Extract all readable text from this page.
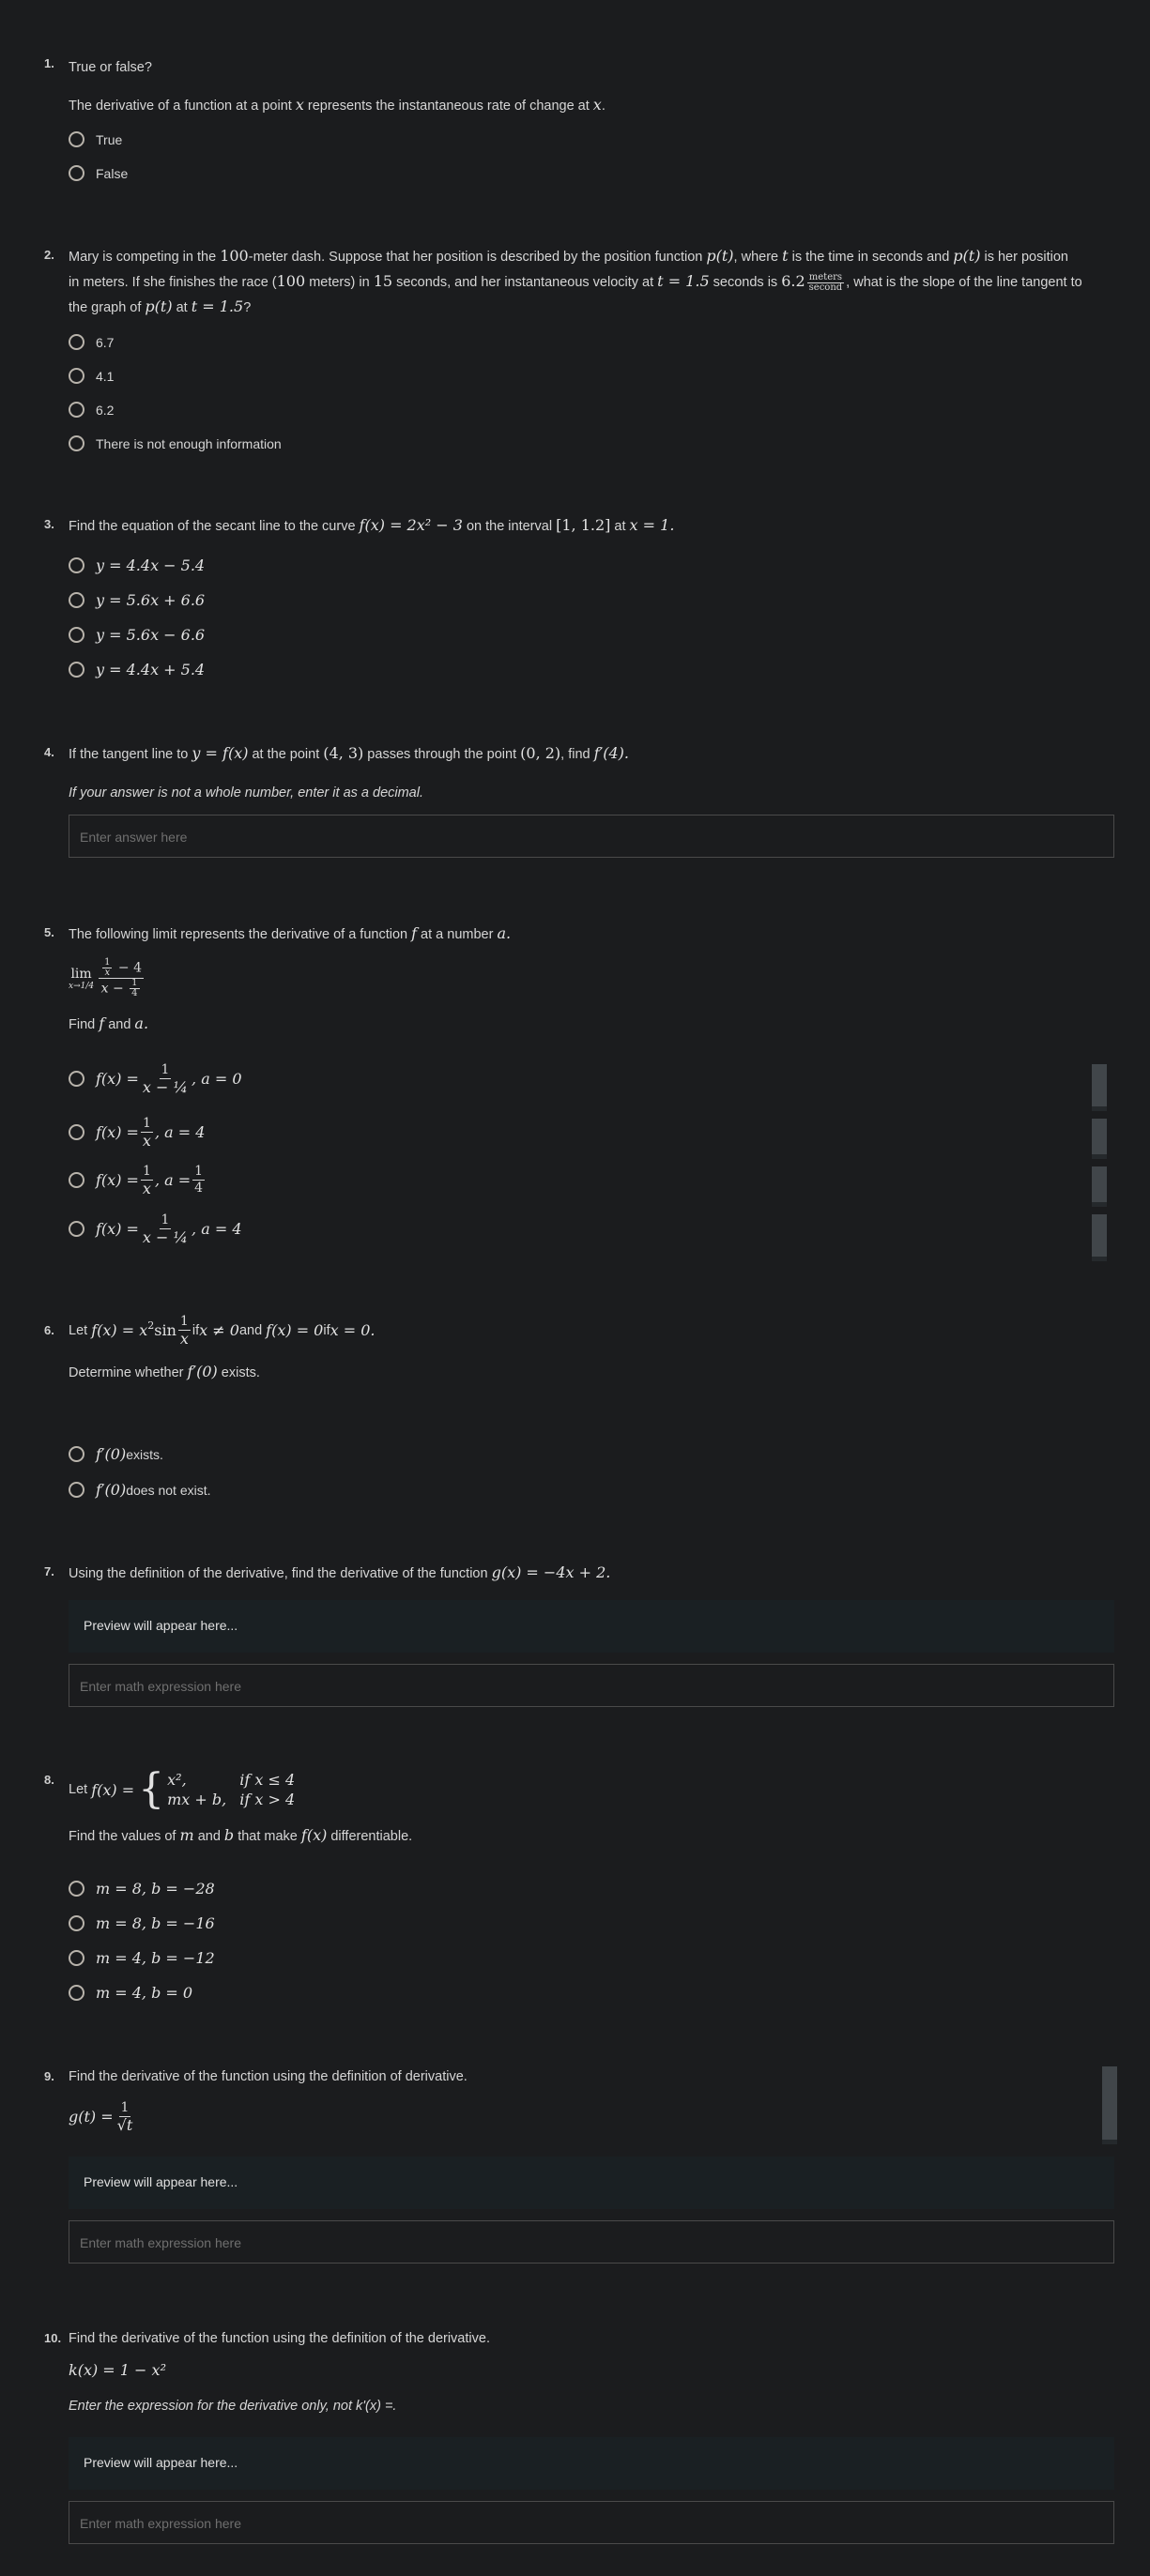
1. True or false?
The derivative of a function at a point x represents the instantaneous rate of change at x.
True
False
2. Mary is competing in the 100-meter dash. Suppose that her position is described by the position function p(t), where t is the time in seconds and p(t) is her position
in meters. If she finishes the race (100 meters) in 15 seconds, and her instantaneous velocity at t = 1.5 seconds is $6.2 \frac{\text{meters}}{\text{second}}$ , what is the slope of the line tangent to
the graph of p(t) at t = 1.5?
6.7
4.1
6.2
There is not enough information
3. Find the equation of the secant line to the curve f(x) = 2x² − 3 on the interval [1, 1.2] at x = 1.
y = 4.4x − 5.4
y = 5.6x + 6.6
y = 5.6x − 6.6
y = 4.4x + 5.4
4. If the tangent line to y = f(x) at the point (4, 3) passes through the point (0, 2), find f′(4).
If your answer is not a whole number, enter it as a decimal.
Enter answer here
5. The following limit represents the derivative of a function f at a number a.
lim
$x\to 1/4 \frac{\frac{1}{x} - 4}{x - \frac{1}{4}}$
Find f and a.
$f(x) = \frac{1}{\text{x − ¼}}$ , a = 0
$f(x) = \frac{1}{x}$ , a = 4
$f(x) = \frac{1}{x}$ , $a = \frac{1}{4}$
$f(x) = \frac{1}{\text{x − ¼}}$ , a = 4
6. Let
f(x) = x 2 $\sin \frac{1}{x}$ if x ≠ 0 and
f(x) = 0 if x = 0.
Determine whether f′(0) exists.
f′(0) exists.
f′(0) does not exist.
7. Using the definition of the derivative, find the derivative of the function g(x) = −4x + 2.
Preview will appear here...
Enter math expression here
8.
Let
f(x) = { x²,	if x ≤ 4
mx + b, if x > 4
Find the values of m and b that make f(x) differentiable.
m = 8, b = −28
m = 8, b = −16
m = 4, b = −12
m = 4, b = 0
9. Find the derivative of the function using the definition of derivative.
$g(t) = \frac{1}{√t}$
Preview will appear here...
Enter math expression here
10. Find the derivative of the function using the definition of the derivative.
k(x) = 1 − x²
Enter the expression for the derivative only, not k'(x) =.
Preview will appear here...
Enter math expression here
